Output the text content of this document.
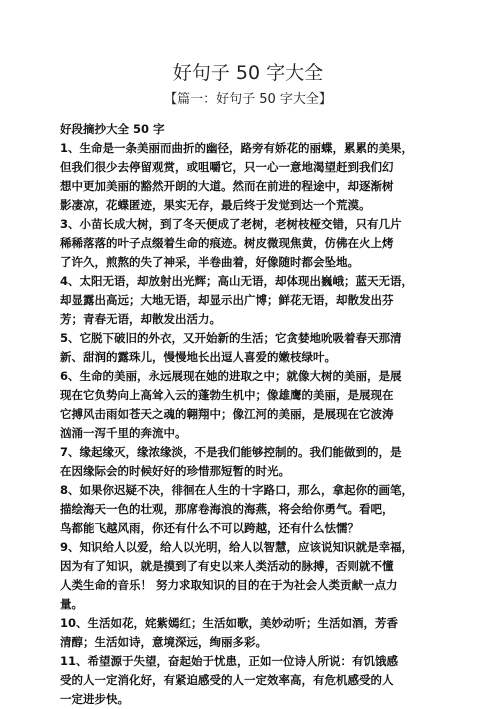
好句子 50 字大全
【篇一：好句子 50 字大全】

好段摘抄大全 50 字

1、生命是一条美丽而曲折的幽径，路旁有娇花的丽蝶，累累的美果，
但我们很少去停留观赏，或咀嚼它，只一心一意地渴望赶到我们幻
想中更加美丽的豁然开朗的大道。然而在前进的程途中，却逐渐树
影凄凉，花蝶匿迹，果实无存，最后终于发觉到达一个荒漠。

3、小苗长成大树，到了冬天便成了老树，老树枝桠交错，只有几片
稀稀落落的叶子点缀着生命的痕迹。树皮微现焦黄，仿佛在火上烤
了许久，煎熬的失了神采，半卷曲着，好像随时都会坠地。

4、太阳无语，却放射出光辉；高山无语，却体现出巍峨；蓝天无语，
却显露出高远；大地无语，却显示出广博；鲜花无语，却散发出芬
芳；青春无语，却散发出活力。

5、它脱下破旧的外衣，又开始新的生活；它贪婪地吮吸着春天那清
新、甜润的露珠儿，慢慢地长出逗人喜爱的嫩枝绿叶。

6、生命的美丽，永远展现在她的进取之中；就像大树的美丽，是展
现在它负势向上高耸入云的蓬勃生机中；像雄鹰的美丽，是展现在
它搏风击雨如苍天之魂的翱翔中；像江河的美丽，是展现在它波涛
汹涌一泻千里的奔流中。

7、缘起缘灭，缘浓缘淡，不是我们能够控制的。我们能做到的，是
在因缘际会的时候好好的珍惜那短暂的时光。

8、如果你迟疑不决，徘徊在人生的十字路口，那么，拿起你的画笔，
描绘海天一色的壮观，那席卷海浪的海燕，将会给你勇气。看吧，
鸟都能飞越风雨，你还有什么不可以跨越，还有什么怯懦？

9、知识给人以爱，给人以光明，给人以智慧，应该说知识就是幸福，
因为有了知识，就是摸到了有史以来人类活动的脉搏，否则就不懂
人类生命的音乐！ 努力求取知识的目的在于为社会人类贡献一点力
量。

10、生活如花，姹紫嫣红；生活如歌，美妙动听；生活如酒，芳香
清醇；生活如诗，意境深远，绚丽多彩。

11、希望源于失望，奋起始于忧患，正如一位诗人所说：有饥饿感
受的人一定消化好，有紧迫感受的人一定效率高，有危机感受的人
一定进步快。
